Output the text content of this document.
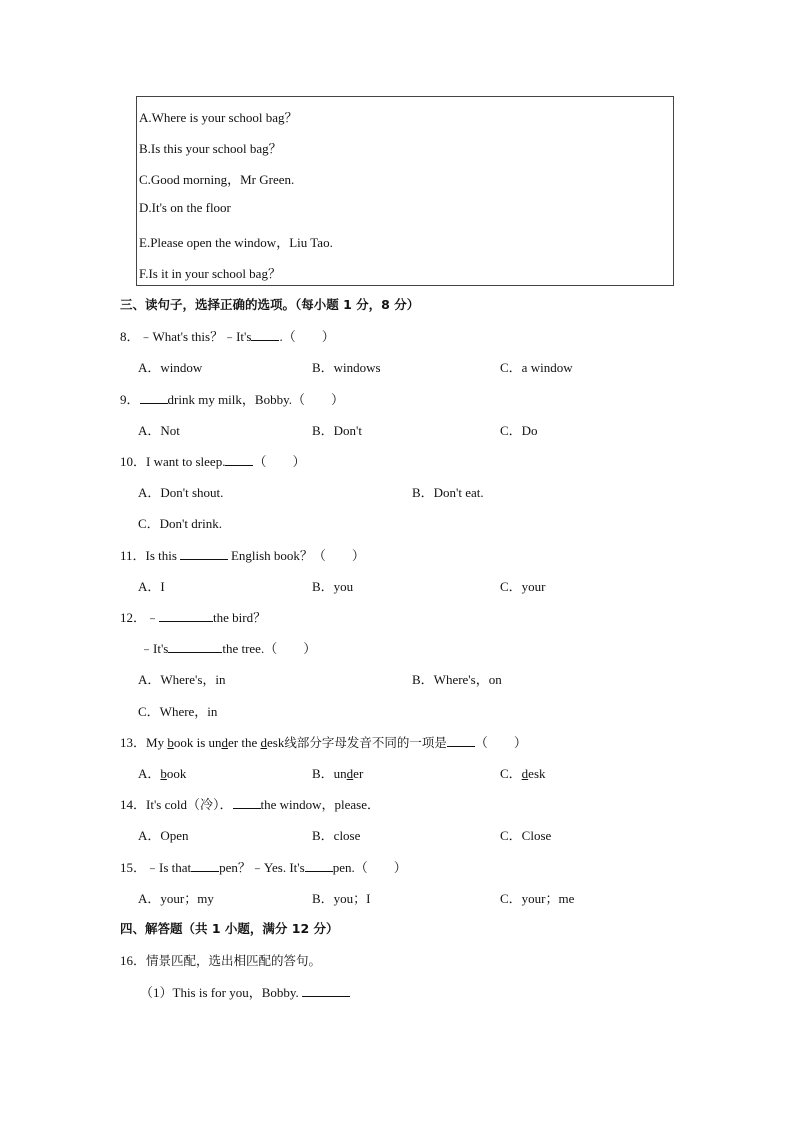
A.Where is your school bag？
B.Is this your school bag？
C.Good morning，Mr Green.
D.It's on the floor
E.Please open the window，Liu Tao.
F.Is it in your school bag？
三、读句子，选择正确的选项。（每小题 1 分，8 分）
8．﹣What's this？﹣It's .（　　）
A．window	B．windows	C．a window
9． drink my milk，Bobby.（　　）
A．Not	B．Don't	C．Do
10．I want to sleep. （　　）
A．Don't shout.	B．Don't eat.
C．Don't drink.
11．Is this	English book？（　　）
A．I	B．you	C．your
12．﹣	the bird？
﹣It's	the tree.（　　）
A．Where's，in	B．Where's，on
C．Where，in
13．My book is under the desk线部分字母发音不同的一项是 （　　）
A．book	B．under	C．desk
14．It's cold（冷）． the window，please．
A．Open	B．close	C．Close
15．﹣Is that pen？﹣Yes. It's pen.（　　）
A．your；my	B．you；I	C．your；me
四、解答题（共 1 小题，满分 12 分）
16．情景匹配，选出相匹配的答句。
（1）This is for you，Bobby.
